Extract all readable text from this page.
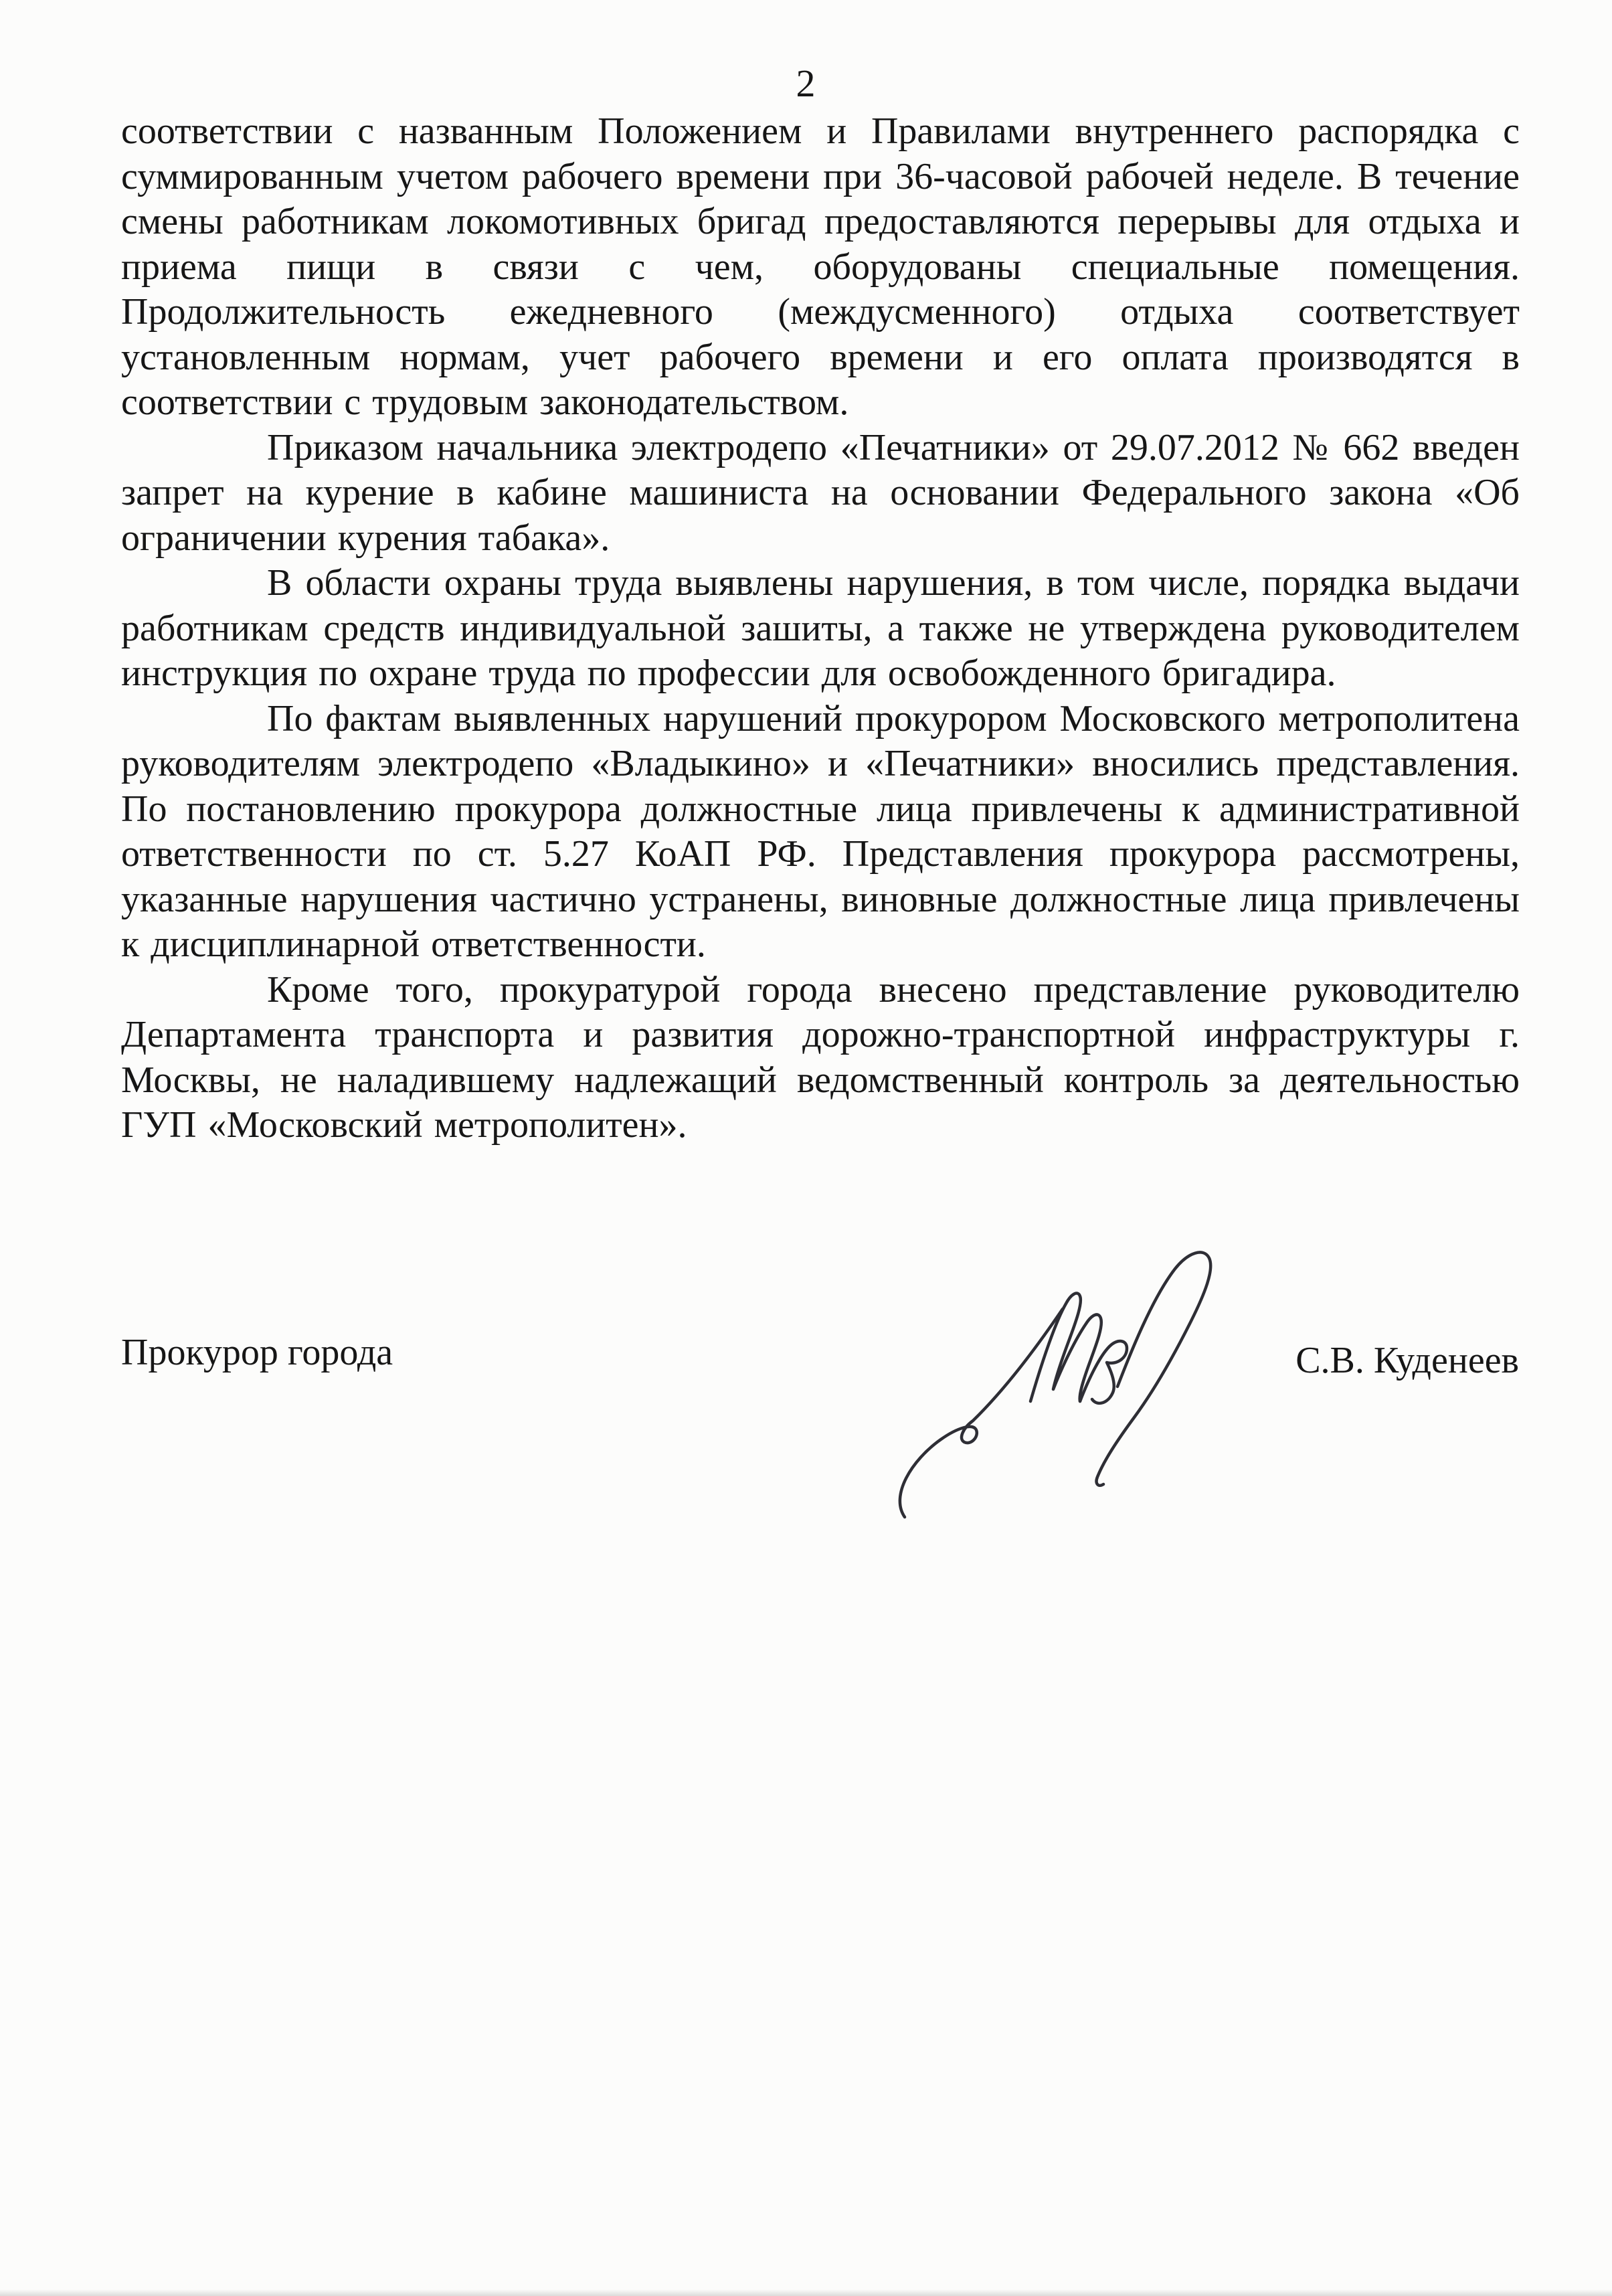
2

соответствии с названным Положением и Правилами внутреннего распорядка с суммированным учетом рабочего времени при 36-часовой рабочей неделе. В течение смены работникам локомотивных бригад предоставляются перерывы для отдыха и приема пищи в связи с чем, оборудованы специальные помещения. Продолжительность ежедневного (междусменного) отдыха соответствует установленным нормам, учет рабочего времени и его оплата производятся в соответствии с трудовым законодательством.

Приказом начальника электродепо «Печатники» от 29.07.2012 № 662 введен запрет на курение в кабине машиниста на основании Федерального закона «Об ограничении курения табака».

В области охраны труда выявлены нарушения, в том числе, порядка выдачи работникам средств индивидуальной зашиты, а также не утверждена руководителем инструкция по охране труда по профессии для освобожденного бригадира.

По фактам выявленных нарушений прокурором Московского метрополитена руководителям электродепо «Владыкино» и «Печатники» вносились представления. По постановлению прокурора должностные лица привлечены к административной ответственности по ст. 5.27 КоАП РФ. Представления прокурора рассмотрены, указанные нарушения частично устранены, виновные должностные лица привлечены к дисциплинарной ответственности.

Кроме того, прокуратурой города внесено представление руководителю Департамента транспорта и развития дорожно-транспортной инфраструктуры г. Москвы, не наладившему надлежащий ведомственный контроль за деятельностью ГУП «Московский метрополитен».

Прокурор города	С.В. Куденеев
